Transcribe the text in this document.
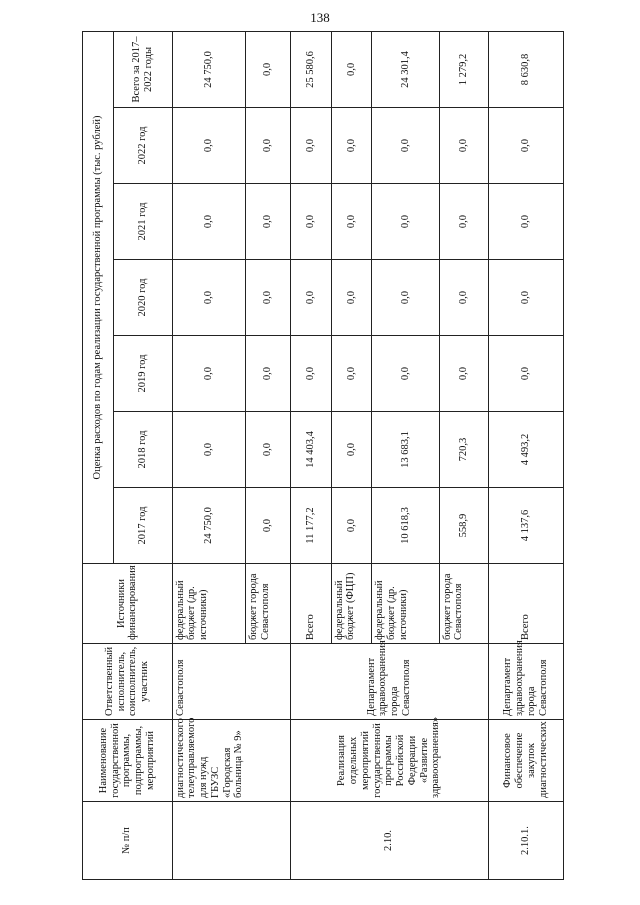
138
№ п/п	Наименование государственной программы, подпрограммы, мероприятий	Ответственный исполнитель, соисполнитель, участник	Источники финансирования	Оценка расходов по годам реализации государственной программы (тыс. рублей)						
				2017 год	2018 год	2019 год	2020 год	2021 год	2022 год	Всего за 2017–2022 годы
	диагностического телеуправляемого для нужд ГБУЗС «Городская больница № 9»	Севастополя	федеральный бюджет (др. источники)	24 750,0	0,0	0,0	0,0	0,0	0,0	24 750,0
			бюджет города Севастополя	0,0	0,0	0,0	0,0	0,0	0,0	0,0
2.10.	Реализация отдельных мероприятий государственной программы Российской Федерации «Развитие здравоохранения»	Департамент здравоохранения города Севастополя	Всего	11 177,2	14 403,4	0,0	0,0	0,0	0,0	25 580,6
			федеральный бюджет (ФЦП)	0,0	0,0	0,0	0,0	0,0	0,0	0,0
			федеральный бюджет (др. источники)	10 618,3	13 683,1	0,0	0,0	0,0	0,0	24 301,4
			бюджет города Севастополя	558,9	720,3	0,0	0,0	0,0	0,0	1 279,2
2.10.1.	Финансовое обеспечение закупок диагностических	Департамент здравоохранения города Севастополя	Всего	4 137,6	4 493,2	0,0	0,0	0,0	0,0	8 630,8
